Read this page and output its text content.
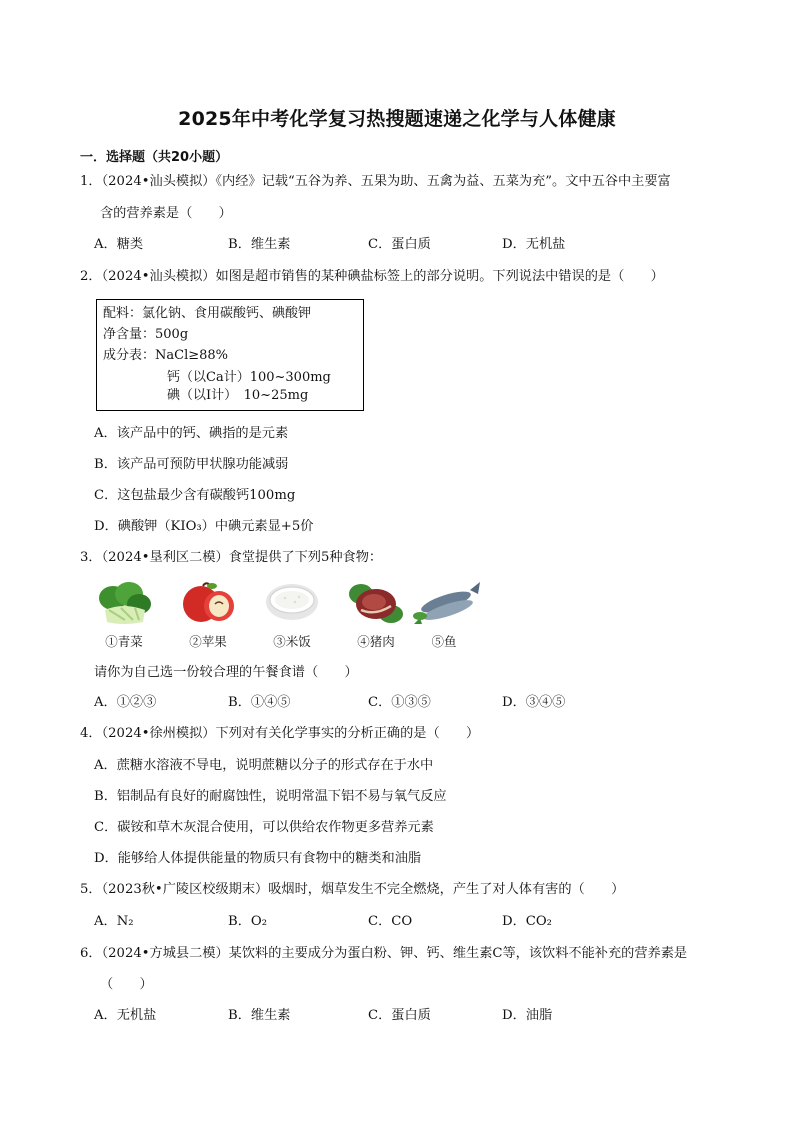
2025年中考化学复习热搜题速递之化学与人体健康
一．选择题（共20小题）
1．（2024•汕头模拟）《内经》记载“五谷为养、五果为助、五禽为益、五菜为充”。文中五谷中主要富
含的营养素是（　　）
A．糖类	B．维生素	C．蛋白质	D．无机盐
2．（2024•汕头模拟）如图是超市销售的某种碘盐标签上的部分说明。下列说法中错误的是（　　）
配料：氯化钠、食用碳酸钙、碘酸钾
净含量：500g
成分表：NaCl≥88%
钙（以Ca计）100~300mg
碘（以I计）　10~25mg
A．该产品中的钙、碘指的是元素
B．该产品可预防甲状腺功能减弱
C．这包盐最少含有碳酸钙100mg
D．碘酸钾（KIO₃）中碘元素显+5价
3．（2024•垦利区二模）食堂提供了下列5种食物：
①青菜	②苹果	③米饭	④猪肉	⑤鱼
请你为自己选一份较合理的午餐食谱（　　）
A．①②③	B．①④⑤	C．①③⑤	D．③④⑤
4．（2024•徐州模拟）下列对有关化学事实的分析正确的是（　　）
A．蔗糖水溶液不导电，说明蔗糖以分子的形式存在于水中
B．铝制品有良好的耐腐蚀性，说明常温下铝不易与氧气反应
C．碳铵和草木灰混合使用，可以供给农作物更多营养元素
D．能够给人体提供能量的物质只有食物中的糖类和油脂
5．（2023秋•广陵区校级期末）吸烟时，烟草发生不完全燃烧，产生了对人体有害的（　　）
A．N₂	B．O₂	C．CO	D．CO₂
6．（2024•方城县二模）某饮料的主要成分为蛋白粉、钾、钙、维生素C等，该饮料不能补充的营养素是
（　　）
A．无机盐	B．维生素	C．蛋白质	D．油脂
